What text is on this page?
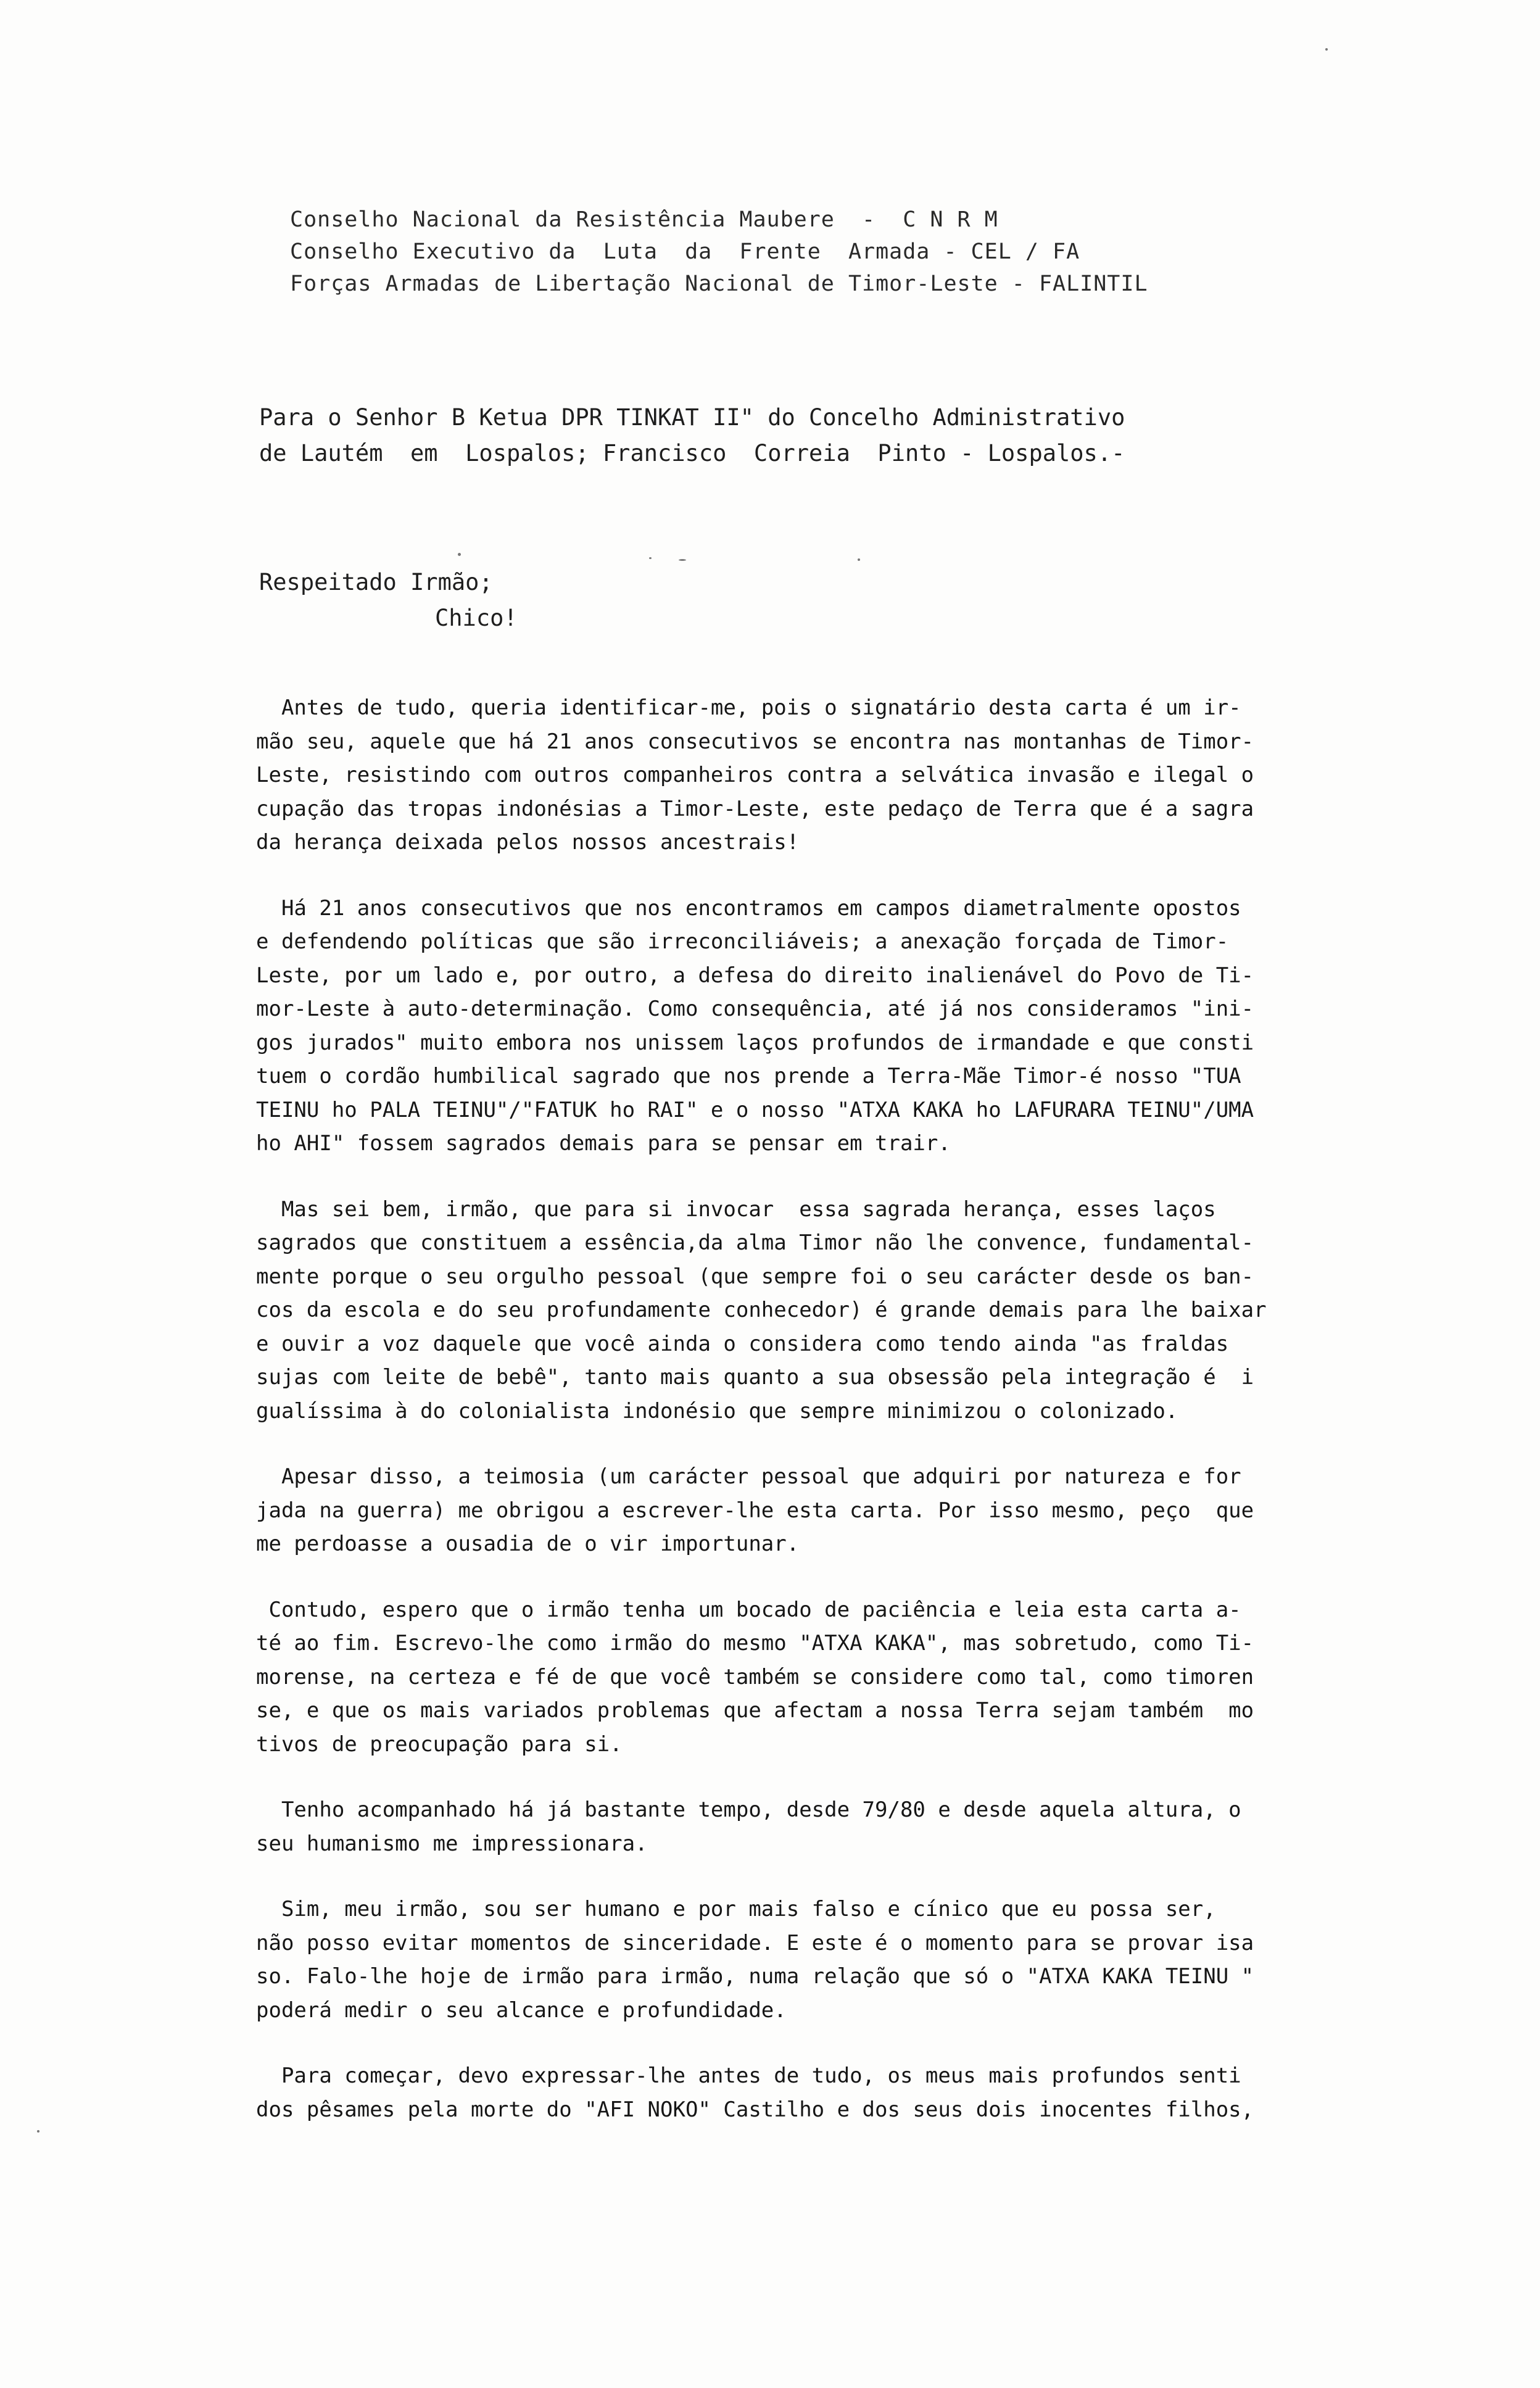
Conselho Nacional da Resistência Maubere  -  C N R M
Conselho Executivo da  Luta  da  Frente  Armada - CEL / FA
Forças Armadas de Libertação Nacional de Timor-Leste - FALINTIL
Para o Senhor B Ketua DPR TINKAT II" do Concelho Administrativo
de Lautém  em  Lospalos; Francisco  Correia  Pinto - Lospalos.-
Respeitado Irmão;
Chico!
Antes de tudo, queria identificar-me, pois o signatário desta carta é um ir-
mão seu, aquele que há 21 anos consecutivos se encontra nas montanhas de Timor-
Leste, resistindo com outros companheiros contra a selvática invasão e ilegal o
cupação das tropas indonésias a Timor-Leste, este pedaço de Terra que é a sagra
da herança deixada pelos nossos ancestrais!
Há 21 anos consecutivos que nos encontramos em campos diametralmente opostos
e defendendo políticas que são irreconciliáveis; a anexação forçada de Timor-
Leste, por um lado e, por outro, a defesa do direito inalienável do Povo de Ti-
mor-Leste à auto-determinação. Como consequência, até já nos consideramos "ini-
gos jurados" muito embora nos unissem laços profundos de irmandade e que consti
tuem o cordão humbilical sagrado que nos prende a Terra-Mãe Timor-é nosso "TUA
TEINU ho PALA TEINU"/"FATUK ho RAI" e o nosso "ATXA KAKA ho LAFURARA TEINU"/UMA
ho AHI" fossem sagrados demais para se pensar em trair.
Mas sei bem, irmão, que para si invocar  essa sagrada herança, esses laços
sagrados que constituem a essência,da alma Timor não lhe convence, fundamental-
mente porque o seu orgulho pessoal (que sempre foi o seu carácter desde os ban-
cos da escola e do seu profundamente conhecedor) é grande demais para lhe baixar
e ouvir a voz daquele que você ainda o considera como tendo ainda "as fraldas
sujas com leite de bebê", tanto mais quanto a sua obsessão pela integração é  i
gualíssima à do colonialista indonésio que sempre minimizou o colonizado.
Apesar disso, a teimosia (um carácter pessoal que adquiri por natureza e for
jada na guerra) me obrigou a escrever-lhe esta carta. Por isso mesmo, peço  que
me perdoasse a ousadia de o vir importunar.
Contudo, espero que o irmão tenha um bocado de paciência e leia esta carta a-
té ao fim. Escrevo-lhe como irmão do mesmo "ATXA KAKA", mas sobretudo, como Ti-
morense, na certeza e fé de que você também se considere como tal, como timoren
se, e que os mais variados problemas que afectam a nossa Terra sejam também  mo
tivos de preocupação para si.
Tenho acompanhado há já bastante tempo, desde 79/80 e desde aquela altura, o
seu humanismo me impressionara.
Sim, meu irmão, sou ser humano e por mais falso e cínico que eu possa ser,
não posso evitar momentos de sinceridade. E este é o momento para se provar isa
so. Falo-lhe hoje de irmão para irmão, numa relação que só o "ATXA KAKA TEINU "
poderá medir o seu alcance e profundidade.
Para começar, devo expressar-lhe antes de tudo, os meus mais profundos senti
dos pêsames pela morte do "AFI NOKO" Castilho e dos seus dois inocentes filhos,
